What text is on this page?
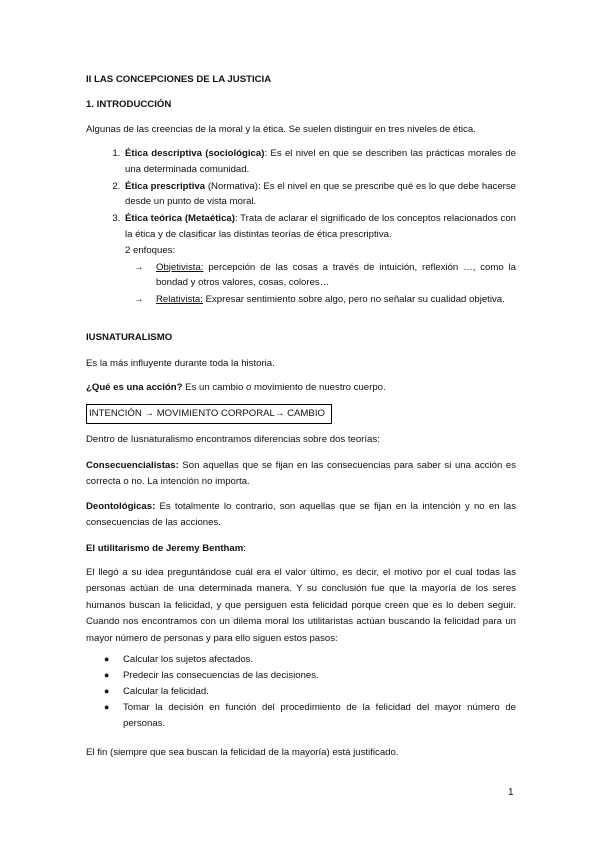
II LAS CONCEPCIONES DE LA JUSTICIA
1. INTRODUCCIÓN
Algunas de las creencias de la moral y la ética. Se suelen distinguir en tres niveles de ética.
1. Ética descriptiva (sociológica): Es el nivel en que se describen las prácticas morales de una determinada comunidad.
2. Ética prescriptiva (Normativa): Es el nivel en que se prescribe qué es lo que debe hacerse desde un punto de vista moral.
3. Ética teórica (Metaética): Trata de aclarar el significado de los conceptos relacionados con la ética y de clasificar las distintas teorías de ética prescriptiva.
2 enfoques:
→ Objetivista: percepción de las cosas a través de intuición, reflexión …, como la bondad y otros valores, cosas, colores…
→ Relativista: Expresar sentimiento sobre algo, pero no señalar su cualidad objetiva.
IUSNATURALISMO
Es la más influyente durante toda la historia.
¿Qué es una acción? Es un cambio o movimiento de nuestro cuerpo.
INTENCIÓN → MOVIMIENTO CORPORAL→ CAMBIO
Dentro de Iusnaturalismo encontramos diferencias sobre dos teorías:
Consecuencialistas: Son aquellas que se fijan en las consecuencias para saber si una acción es correcta o no. La intención no importa.
Deontológicas: Es totalmente lo contrario, son aquellas que se fijan en la intención y no en las consecuencias de las acciones.
El utilitarismo de Jeremy Bentham:
El llegó a su idea preguntándose cuál era el valor último, es decir, el motivo por el cual todas las personas actúan de una determinada manera. Y su conclusión fue que la mayoría de los seres humanos buscan la felicidad, y que persiguen esta felicidad porque creen que es lo deben seguir. Cuando nos encontramos con un dilema moral los utilitaristas actúan buscando la felicidad para un mayor número de personas y para ello siguen estos pasos:
● Calcular los sujetos afectados.
● Predecir las consecuencias de las decisiones.
● Calcular la felicidad.
● Tomar la decisión en función del procedimiento de la felicidad del mayor número de personas.
El fin (siempre que sea buscan la felicidad de la mayoría) está justificado.
1
